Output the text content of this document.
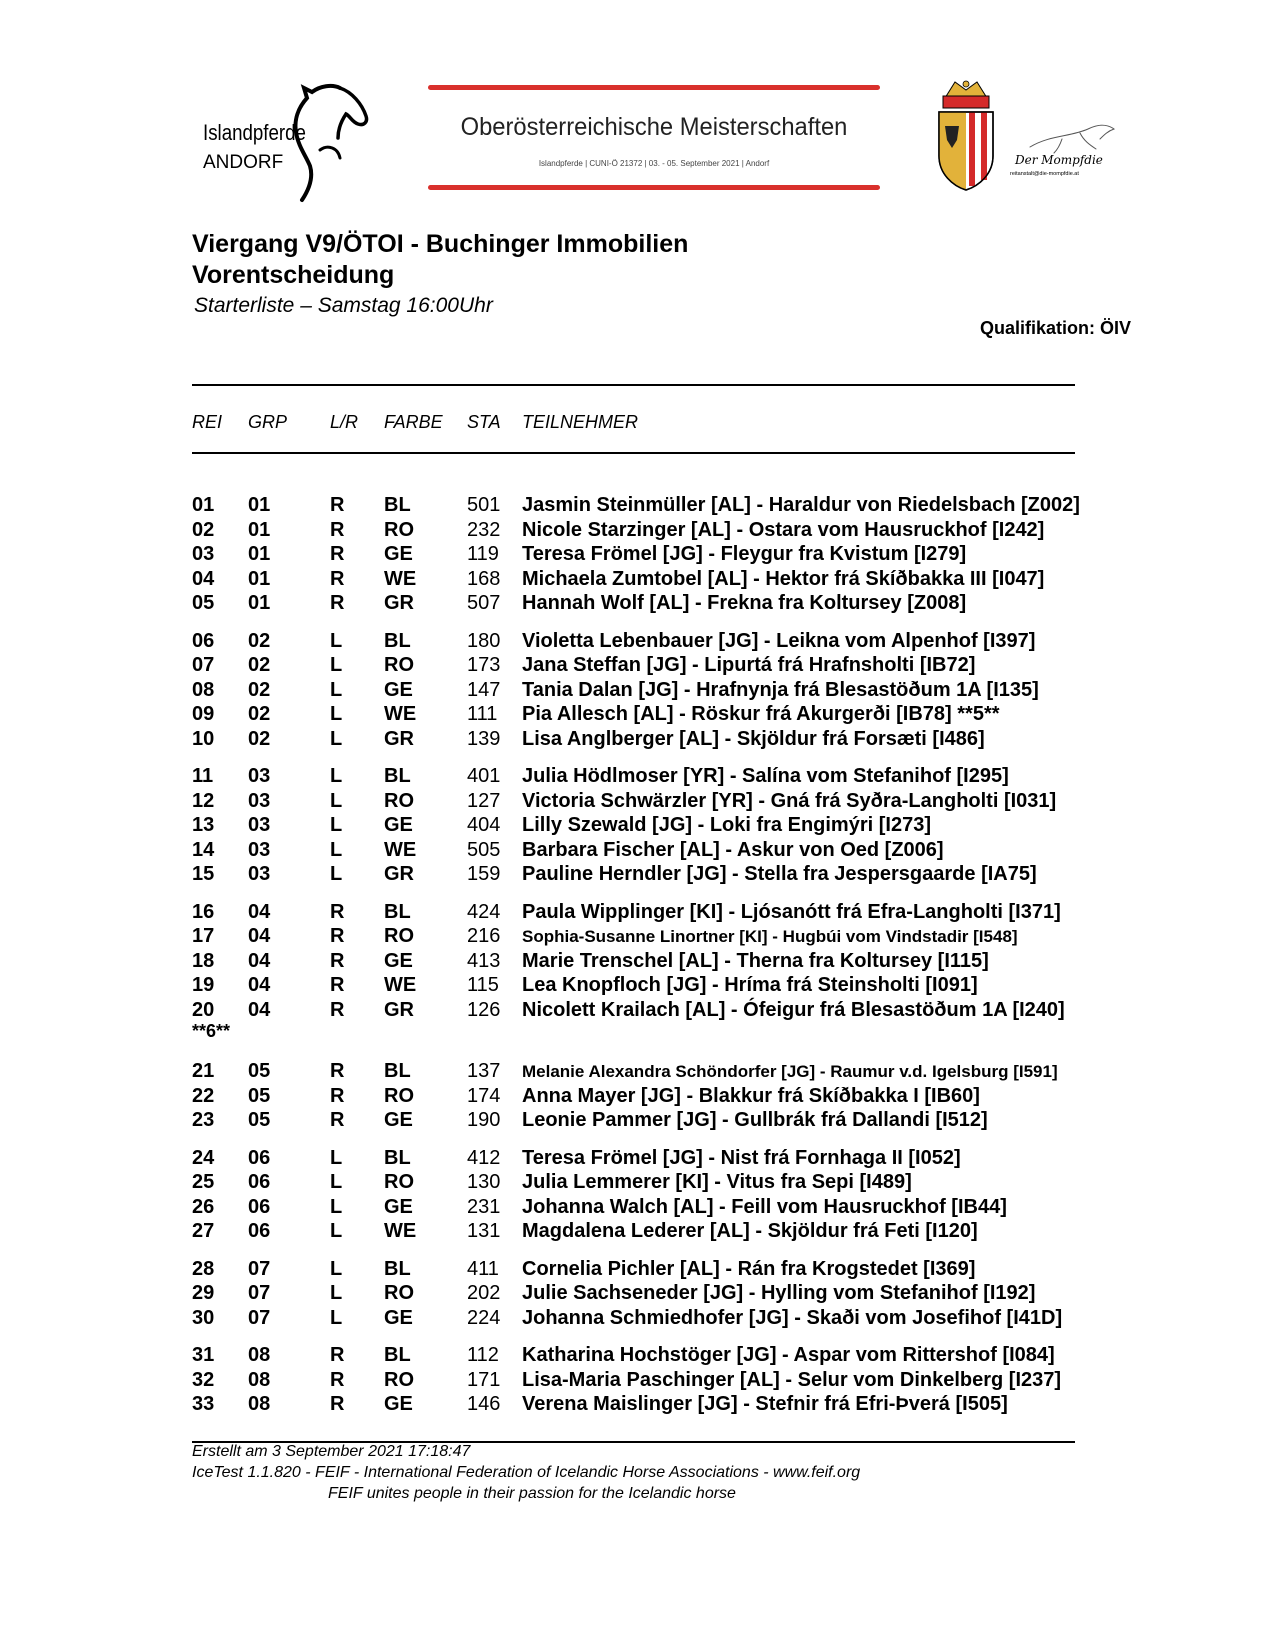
Islandpferde
ANDORF
Oberösterreichische Meisterschaften
Islandpferde | CUNI-Ö 21372 | 03. - 05. September 2021 | Andorf	Der Mompfdie
reitanstalt@die-mompfdie.at
Viergang V9/ÖTOI - Buchinger Immobilien
Vorentscheidung
Starterliste – Samstag 16:00Uhr
Qualifikation: ÖIV
REI GRP L/R FARBE STA TEILNEHMER
01 01	R BL	501 Jasmin Steinmüller [AL] - Haraldur von Riedelsbach [Z002]
02 01	R RO	232 Nicole Starzinger [AL] - Ostara vom Hausruckhof [I242]
03 01	R GE	119 Teresa Frömel [JG] - Fleygur fra Kvistum [I279]
04 01	R WE	168 Michaela Zumtobel [AL] - Hektor frá Skíðbakka III [I047]
05 01	R GR	507 Hannah Wolf [AL] - Frekna fra Koltursey [Z008]
06 02	L BL	180 Violetta Lebenbauer [JG] - Leikna vom Alpenhof [I397]
07 02	L RO	173 Jana Steffan [JG] - Lipurtá frá Hrafnsholti [IB72]
08 02	L GE	147 Tania Dalan [JG] - Hrafnynja frá Blesastöðum 1A [I135]
09 02	L WE	111 Pia Allesch [AL] - Röskur frá Akurgerði [IB78] **5**
10 02	L GR	139 Lisa Anglberger [AL] - Skjöldur frá Forsæti [I486]
11 03	L BL	401 Julia Hödlmoser [YR] - Salína vom Stefanihof [I295]
12 03	L RO	127 Victoria Schwärzler [YR] - Gná frá Syðra-Langholti [I031]
13 03	L GE	404 Lilly Szewald [JG] - Loki fra Engimýri [I273]
14 03	L WE	505 Barbara Fischer [AL] - Askur von Oed [Z006]
15 03	L GR	159 Pauline Herndler [JG] - Stella fra Jespersgaarde [IA75]
16 04	R BL	424 Paula Wipplinger [KI] - Ljósanótt frá Efra-Langholti [I371]
17 04	R RO	216 Sophia-Susanne Linortner [KI] - Hugbúi vom Vindstadir [I548]
18 04	R GE	413 Marie Trenschel [AL] - Therna fra Koltursey [I115]
19 04	R WE	115 Lea Knopfloch [JG] - Hríma frá Steinsholti [I091]
20 04	R GR	126 Nicolett Krailach [AL] - Ófeigur frá Blesastöðum 1A [I240]
**6**
21 05	R BL	137 Melanie Alexandra Schöndorfer [JG] - Raumur v.d. Igelsburg [I591]
22 05	R RO	174 Anna Mayer [JG] - Blakkur frá Skíðbakka I [IB60]
23 05	R GE	190 Leonie Pammer [JG] - Gullbrák frá Dallandi [I512]
24 06	L BL	412 Teresa Frömel [JG] - Nist frá Fornhaga II [I052]
25 06	L RO	130 Julia Lemmerer [KI] - Vitus fra Sepi [I489]
26 06	L GE	231 Johanna Walch [AL] - Feill vom Hausruckhof [IB44]
27 06	L WE	131 Magdalena Lederer [AL] - Skjöldur frá Feti [I120]
28 07	L BL	411 Cornelia Pichler [AL] - Rán fra Krogstedet [I369]
29 07	L RO	202 Julie Sachseneder [JG] - Hylling vom Stefanihof [I192]
30 07	L GE	224 Johanna Schmiedhofer [JG] - Skaði vom Josefihof [I41D]
31 08	R BL	112 Katharina Hochstöger [JG] - Aspar vom Rittershof [I084]
32 08	R RO	171 Lisa-Maria Paschinger [AL] - Selur vom Dinkelberg [I237]
33 08	R GE	146 Verena Maislinger [JG] - Stefnir frá Efri-Þverá [I505]
Erstellt am 3 September 2021 17:18:47
IceTest 1.1.820 - FEIF - International Federation of Icelandic Horse Associations - www.feif.org
FEIF unites people in their passion for the Icelandic horse
